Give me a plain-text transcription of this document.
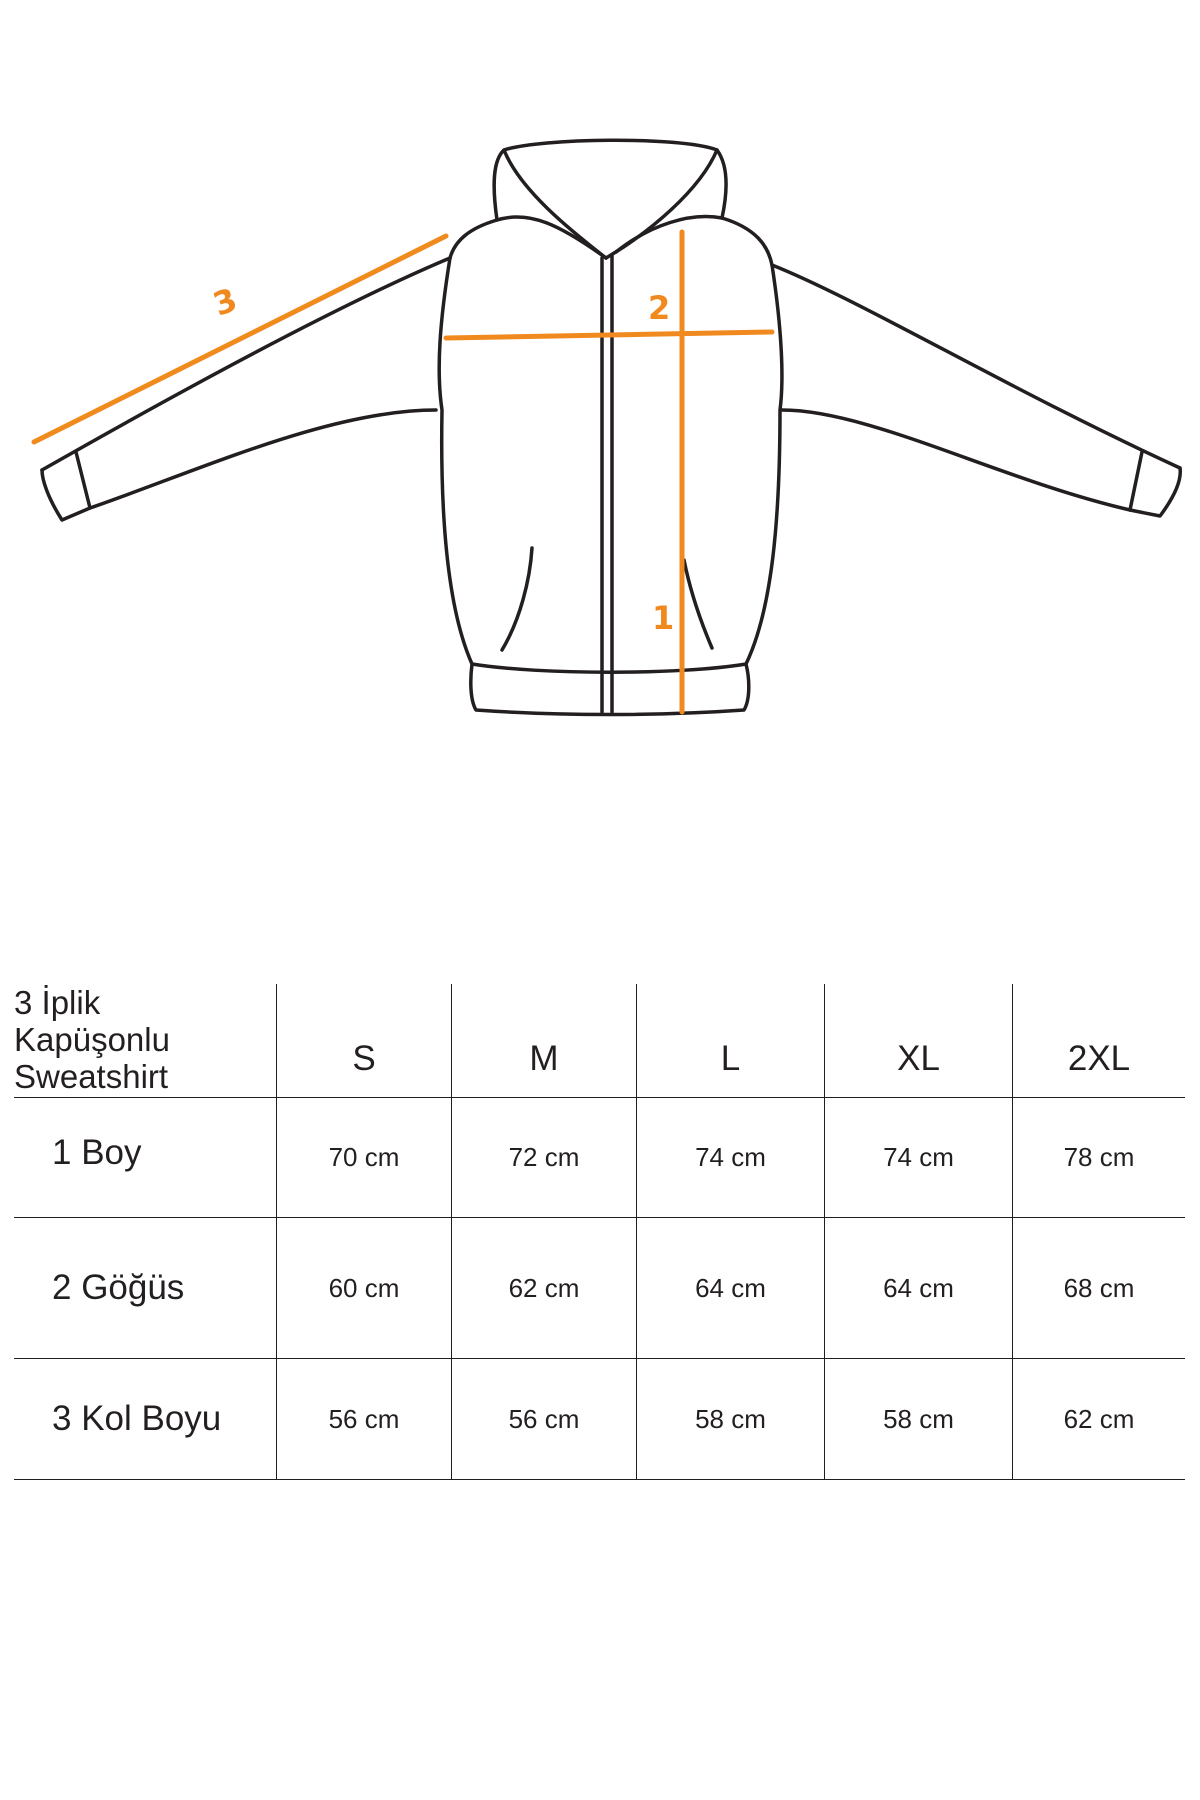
1
2
3
3 İplik
Kapüşonlu
Sweatshirt	S	M	L	XL	2XL
1 Boy	70 cm	72 cm	74 cm	74 cm	78 cm
2 Göğüs	60 cm	62 cm	64 cm	64 cm	68 cm
3 Kol Boyu	56 cm	56 cm	58 cm	58 cm	62 cm
